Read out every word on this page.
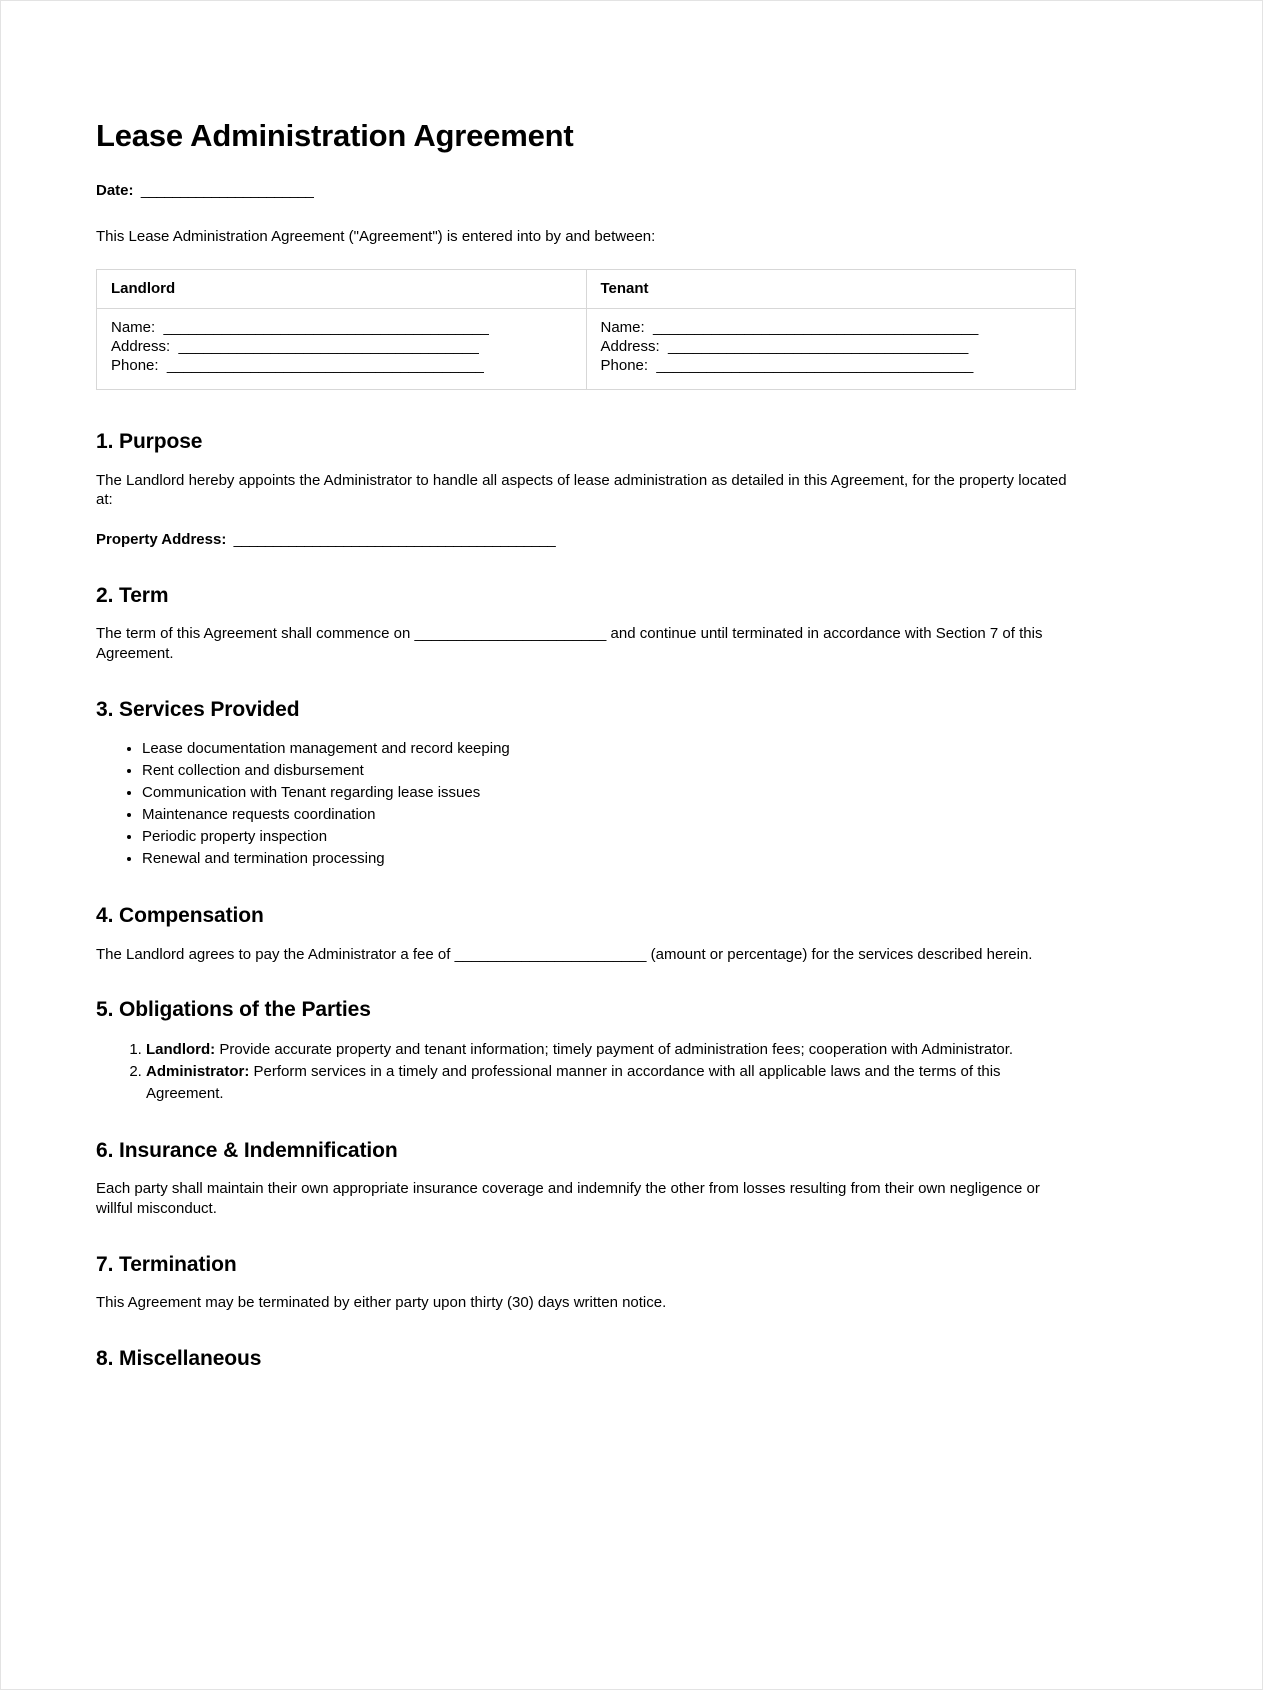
Lease Administration Agreement

Date:  ______________________

This Lease Administration Agreement ("Agreement") is entered into by and between:

Landlord	Tenant

Name:  _______________________________________
Address:  ____________________________________
Phone:  ______________________________________

Name:  _______________________________________
Address:  ____________________________________
Phone:  ______________________________________
1. Purpose

The Landlord hereby appoints the Administrator to handle all aspects of lease administration as detailed in this Agreement, for the property located at:

Property Address:  _________________________________________

2. Term

The term of this Agreement shall commence on _______________________ and continue until terminated in accordance with Section 7 of this Agreement.

3. Services Provided
• Lease documentation management and record keeping
• Rent collection and disbursement
• Communication with Tenant regarding lease issues
• Maintenance requests coordination
• Periodic property inspection
• Renewal and termination processing
4. Compensation

The Landlord agrees to pay the Administrator a fee of _______________________ (amount or percentage) for the services described herein.

5. Obligations of the Parties
1. Landlord: Provide accurate property and tenant information; timely payment of administration fees; cooperation with Administrator.
2. Administrator: Perform services in a timely and professional manner in accordance with all applicable laws and the terms of this Agreement.
6. Insurance & Indemnification

Each party shall maintain their own appropriate insurance coverage and indemnify the other from losses resulting from their own negligence or willful misconduct.

7. Termination

This Agreement may be terminated by either party upon thirty (30) days written notice.

8. Miscellaneous
